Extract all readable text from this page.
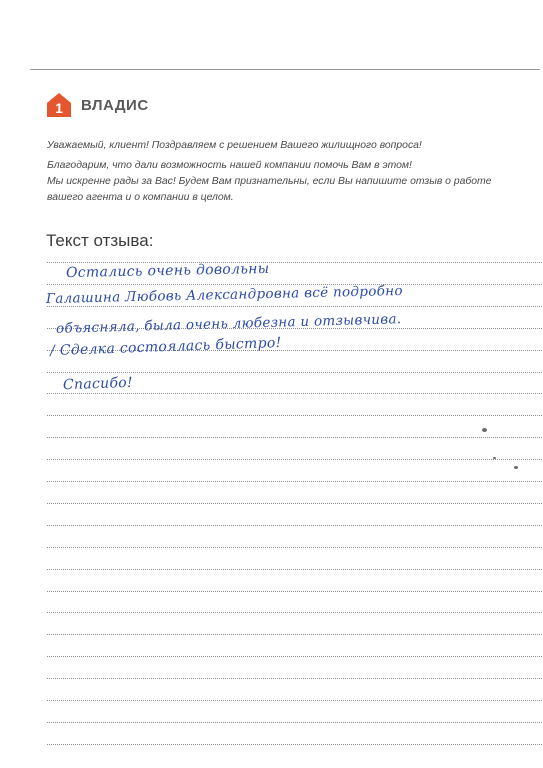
1 ВЛАДИС
Уважаемый, клиент! Поздравляем с решением Вашего жилищного вопроса!
Благодарим, что дали возможность нашей компании помочь Вам в этом!
Мы искренне рады за Вас! Будем Вам признательны, если Вы напишите отзыв о работе
вашего агента и о компании в целом.
Текст отзыва:
Остались очень довольны
Галашина Любовь Александровна всё подробно
объясняла, была очень любезна и отзывчива.
/ Сделка состоялась быстро!
Спасибо!
